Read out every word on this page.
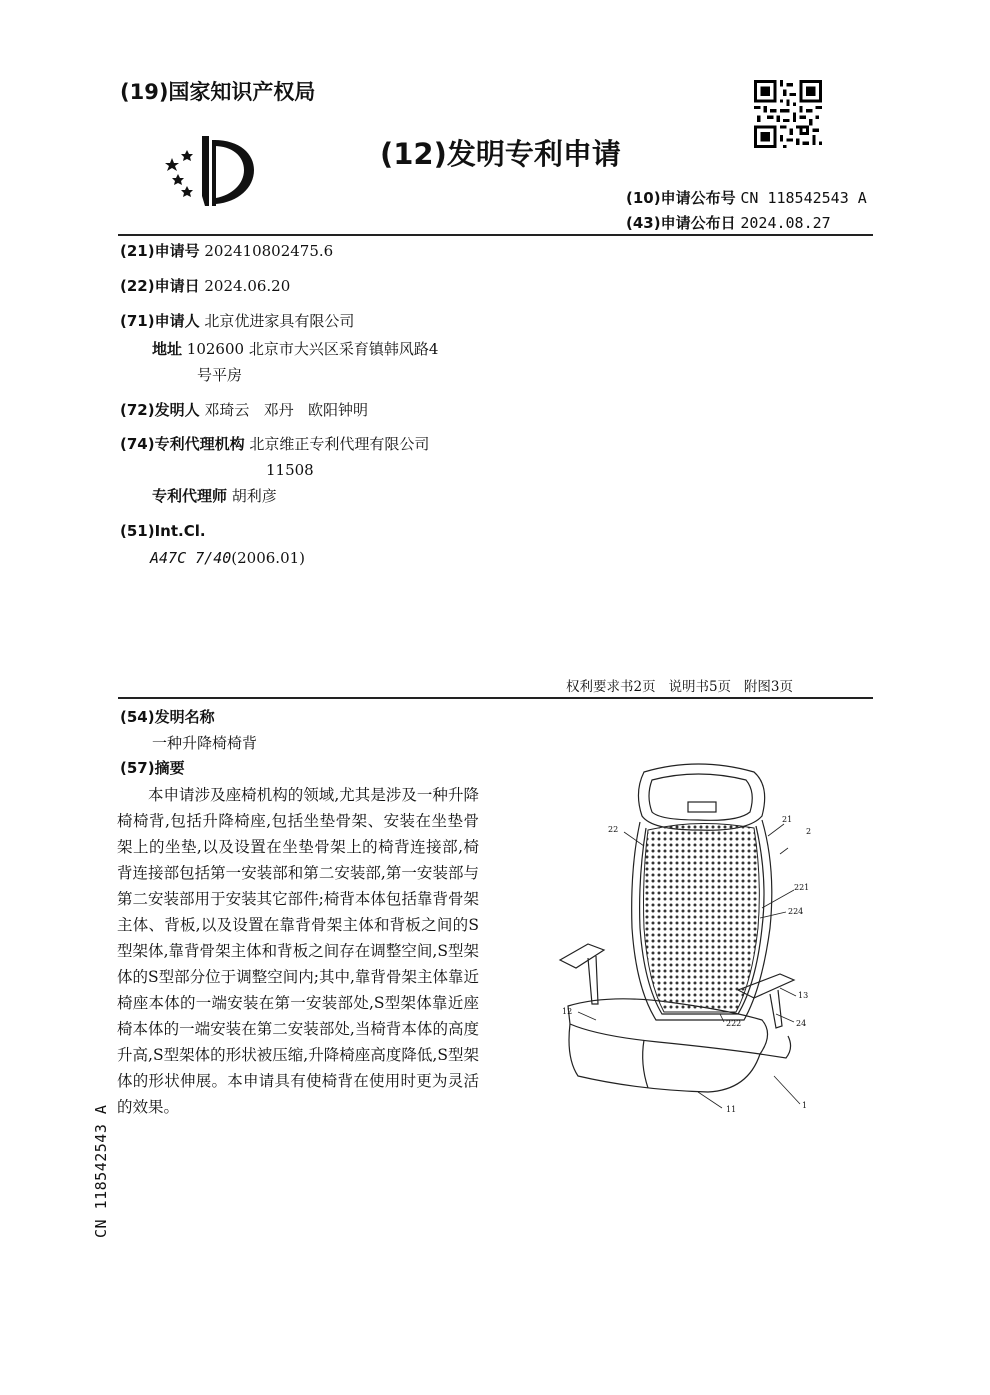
(19)国家知识产权局
(12)发明专利申请
(10)申请公布号 CN 118542543 A
(43)申请公布日 2024.08.27
(21)申请号 202410802475.6
(22)申请日 2024.06.20
(71)申请人 北京优进家具有限公司
地址 102600 北京市大兴区采育镇韩风路4
号平房
(72)发明人 邓琦云   邓丹   欧阳钟明
(74)专利代理机构 北京维正专利代理有限公司
11508
专利代理师 胡利彦
(51)Int.Cl.
A47C 7/40(2006.01)
权利要求书2页   说明书5页   附图3页
(54)发明名称
一种升降椅椅背
(57)摘要
本申请涉及座椅机构的领域,尤其是涉及一种升降椅椅背,包括升降椅座,包括坐垫骨架、安装在坐垫骨架上的坐垫,以及设置在坐垫骨架上的椅背连接部,椅背连接部包括第一安装部和第二安装部,第一安装部与第二安装部用于安装其它部件;椅背本体包括靠背骨架主体、背板,以及设置在靠背骨架主体和背板之间的S型架体,靠背骨架主体和背板之间存在调整空间,S型架体的S型部分位于调整空间内;其中,靠背骨架主体靠近椅座本体的一端安装在第一安装部处,S型架体靠近座椅本体的一端安装在第二安装部处,当椅背本体的高度升高,S型架体的形状被压缩,升降椅座高度降低,S型架体的形状伸展。本申请具有使椅背在使用时更为灵活的效果。
22
21
2
221
224
13
12
222	24
1
11
CN 118542543 A
